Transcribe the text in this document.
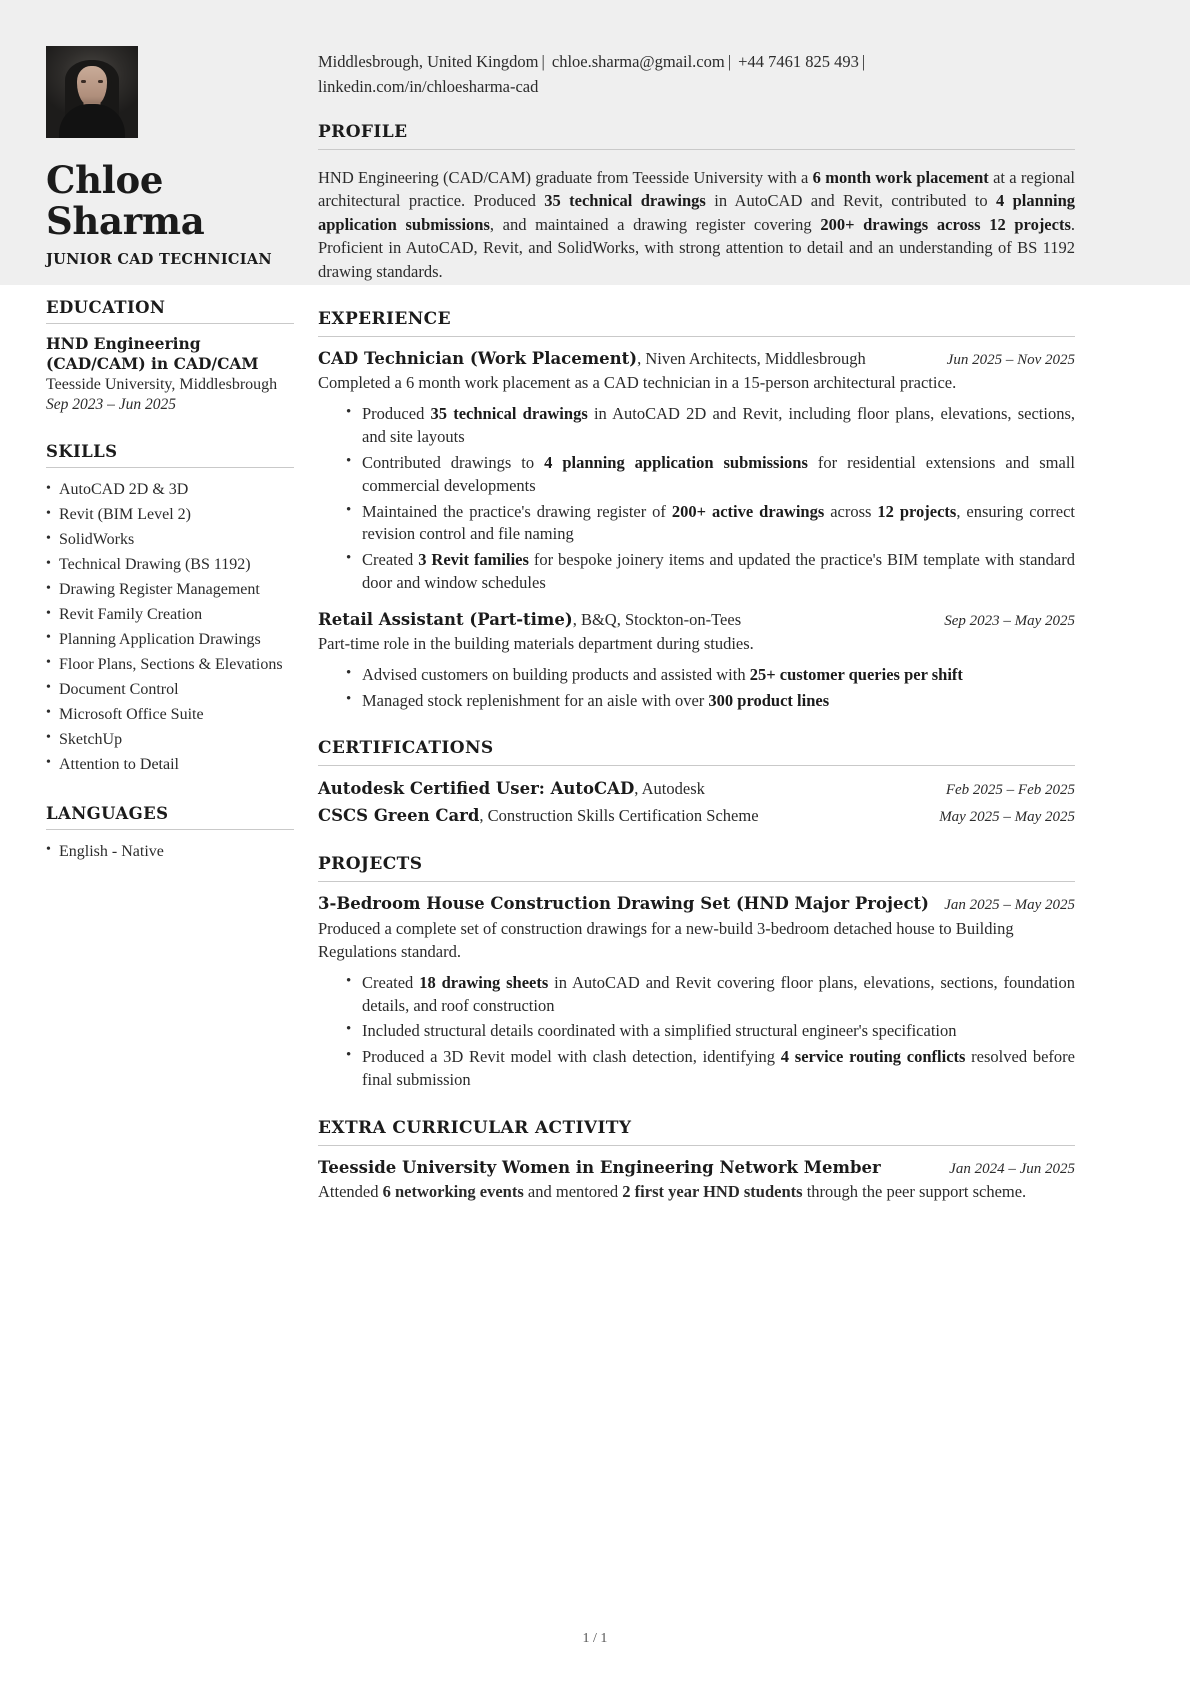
Chloe
Sharma
JUNIOR CAD TECHNICIAN
EDUCATION
HND Engineering (CAD/CAM) in CAD/CAM
Teesside University, Middlesbrough
Sep 2023 – Jun 2025
SKILLS
• AutoCAD 2D & 3D
• Revit (BIM Level 2)
• SolidWorks
• Technical Drawing (BS 1192)
• Drawing Register Management
• Revit Family Creation
• Planning Application Drawings
• Floor Plans, Sections & Elevations
• Document Control
• Microsoft Office Suite
• SketchUp
• Attention to Detail
LANGUAGES
• English - Native
Middlesbrough, United Kingdom | chloe.sharma@gmail.com | +44 7461 825 493 | linkedin.com/in/chloesharma-cad
PROFILE

HND Engineering (CAD/CAM) graduate from Teesside University with a 6 month work placement at a regional architectural practice. Produced 35 technical drawings in AutoCAD and Revit, contributed to 4 planning application submissions, and maintained a drawing register covering 200+ drawings across 12 projects. Proficient in AutoCAD, Revit, and SolidWorks, with strong attention to detail and an understanding of BS 1192 drawing standards.

EXPERIENCE
CAD Technician (Work Placement), Niven Architects, Middlesbrough	Jun 2025 – Nov 2025
Completed a 6 month work placement as a CAD technician in a 15-person architectural practice.
• Produced 35 technical drawings in AutoCAD 2D and Revit, including floor plans, elevations, sections, and site layouts
• Contributed drawings to 4 planning application submissions for residential extensions and small commercial developments
• Maintained the practice's drawing register of 200+ active drawings across 12 projects, ensuring correct revision control and file naming
• Created 3 Revit families for bespoke joinery items and updated the practice's BIM template with standard door and window schedules
Retail Assistant (Part-time), B&Q, Stockton-on-Tees	Sep 2023 – May 2025
Part-time role in the building materials department during studies.
• Advised customers on building products and assisted with 25+ customer queries per shift
• Managed stock replenishment for an aisle with over 300 product lines
CERTIFICATIONS
Autodesk Certified User: AutoCAD, Autodesk	Feb 2025 – Feb 2025
CSCS Green Card, Construction Skills Certification Scheme	May 2025 – May 2025
PROJECTS
3-Bedroom House Construction Drawing Set (HND Major Project) Jan 2025 – May 2025
Produced a complete set of construction drawings for a new-build 3-bedroom detached house to Building Regulations standard.
• Created 18 drawing sheets in AutoCAD and Revit covering floor plans, elevations, sections, foundation details, and roof construction
• Included structural details coordinated with a simplified structural engineer's specification
• Produced a 3D Revit model with clash detection, identifying 4 service routing conflicts resolved before final submission
EXTRA CURRICULAR ACTIVITY
Teesside University Women in Engineering Network Member	Jan 2024 – Jun 2025
Attended 6 networking events and mentored 2 first year HND students through the peer support scheme.
1 / 1
